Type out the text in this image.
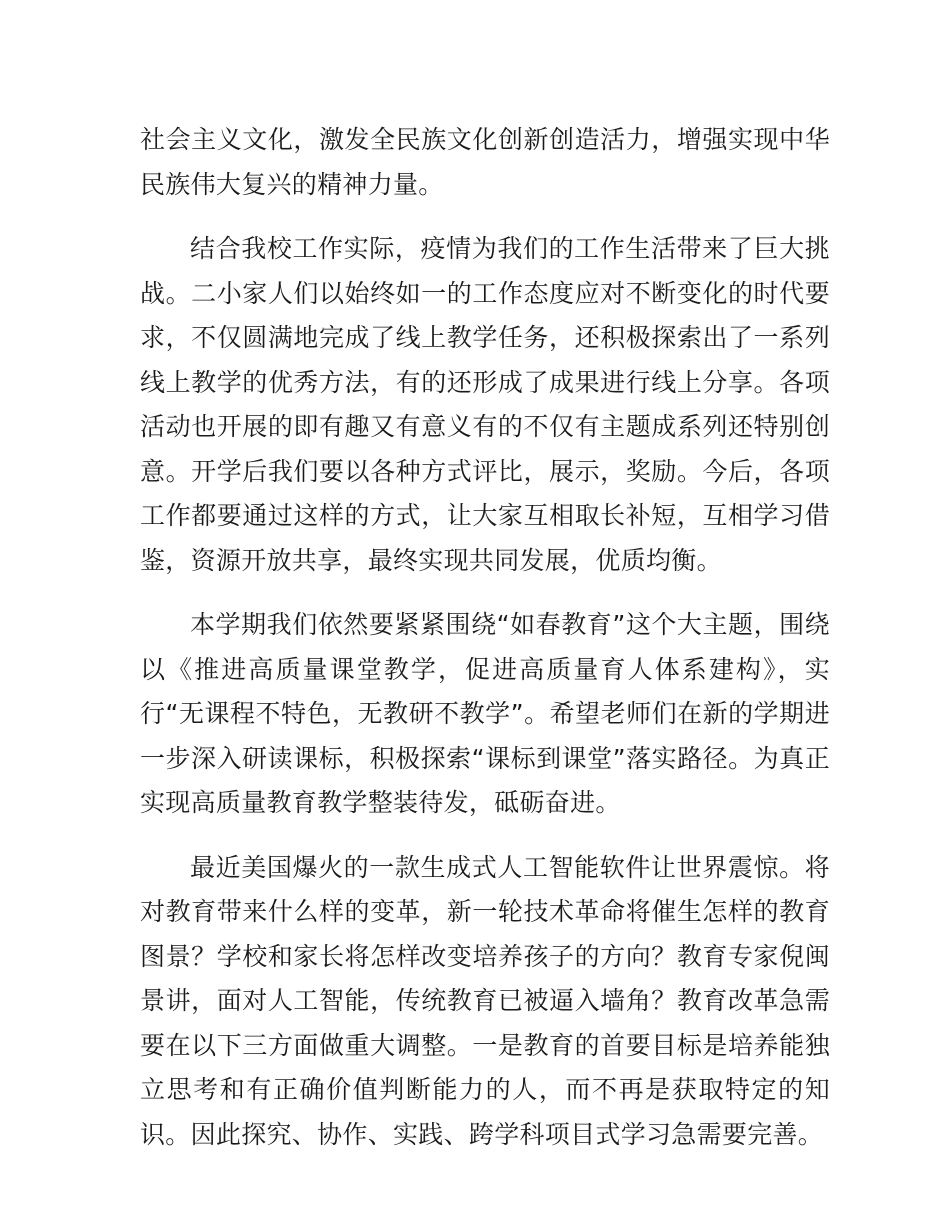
社会主义文化，激发全民族文化创新创造活力，增强实现中华民族伟大复兴的精神力量。

结合我校工作实际，疫情为我们的工作生活带来了巨大挑战。二小家人们以始终如一的工作态度应对不断变化的时代要求，不仅圆满地完成了线上教学任务，还积极探索出了一系列线上教学的优秀方法，有的还形成了成果进行线上分享。各项活动也开展的即有趣又有意义有的不仅有主题成系列还特别创意。开学后我们要以各种方式评比，展示，奖励。今后，各项工作都要通过这样的方式，让大家互相取长补短，互相学习借鉴，资源开放共享，最终实现共同发展，优质均衡。

本学期我们依然要紧紧围绕“如春教育”这个大主题，围绕以《推进高质量课堂教学，促进高质量育人体系建构》，实行“无课程不特色，无教研不教学”。希望老师们在新的学期进一步深入研读课标，积极探索“课标到课堂”落实路径。为真正实现高质量教育教学整装待发，砥砺奋进。

最近美国爆火的一款生成式人工智能软件让世界震惊。将对教育带来什么样的变革，新一轮技术革命将催生怎样的教育图景？学校和家长将怎样改变培养孩子的方向？教育专家倪闽景讲，面对人工智能，传统教育已被逼入墙角？教育改革急需要在以下三方面做重大调整。一是教育的首要目标是培养能独立思考和有正确价值判断能力的人，而不再是获取特定的知识。因此探究、协作、实践、跨学科项目式学习急需要完善。
